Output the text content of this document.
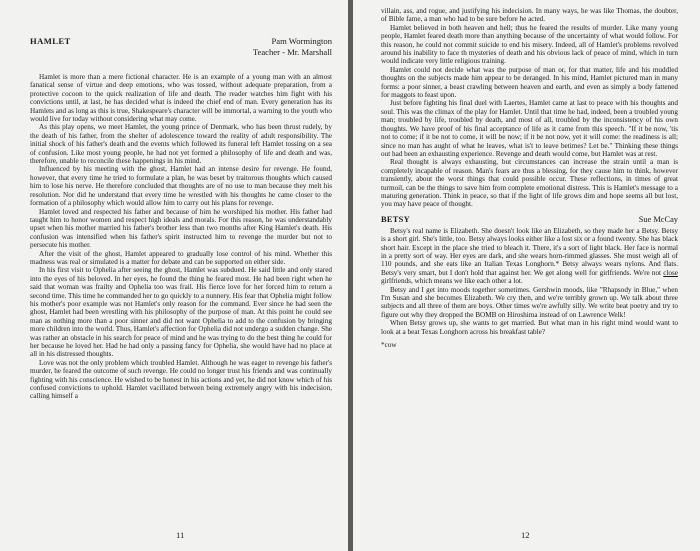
HAMLET	Pam Wormington
Teacher - Mr. Marshall

Hamlet is more than a mere fictional character. He is an example of a young man with an almost fanatical sense of virtue and deep emotions, who was tossed, without adequate preparation, from a protective cocoon to the quick realization of life and death. The reader watches him fight with his convictions until, at last, he has decided what is indeed the chief end of man. Every generation has its Hamlets and as long as this is true, Shakespeare's character will be immortal, a warning to the youth who would live for today without considering what may come.

As this play opens, we meet Hamlet, the young prince of Denmark, who has been thrust rudely, by the death of his father, from the shelter of adolescence toward the reality of adult responsibility. The initial shock of his father's death and the events which followed its funeral left Hamlet tossing on a sea of confusion. Like most young people, he had not yet formed a philosophy of life and death and was, therefore, unable to reconcile these happenings in his mind.

Influenced by his meeting with the ghost, Hamlet had an intense desire for revenge. He found, however, that every time he tried to formulate a plan, he was beset by traitorous thoughts which caused him to lose his nerve. He therefore concluded that thoughts are of no use to man because they melt his resolution. Nor did he understand that every time he wrestled with his thoughts he came closer to the formation of a philosophy which would allow him to carry out his plans for revenge.

Hamlet loved and respected his father and because of him he worshiped his mother. His father had taught him to honor women and respect high ideals and morals. For this reason, he was understandably upset when his mother married his father's brother less than two months after King Hamlet's death. His confusion was intensified when his father's spirit instructed him to revenge the murder but not to persecute his mother.

After the visit of the ghost, Hamlet appeared to gradually lose control of his mind. Whether this madness was real or simulated is a matter for debate and can be supported on either side.

In his first visit to Ophelia after seeing the ghost, Hamlet was subdued. He said little and only stared into the eyes of his beloved. In her eyes, he found the thing he feared most. He had been right when he said that woman was frailty and Ophelia too was frail. His fierce love for her forced him to return a second time. This time he commanded her to go quickly to a nunnery. His fear that Ophelia might follow his mother's poor example was not Hamlet's only reason for the command. Ever since he had seen the ghost, Hamlet had been wrestling with his philosophy of the purpose of man. At this point he could see man as nothing more than a poor sinner and did not want Ophelia to add to the confusion by bringing more children into the world. Thus, Hamlet's affection for Ophelia did not undergo a sudden change. She was rather an obstacle in his search for peace of mind and he was trying to do the best thing he could for her because he loved her. Had he had only a passing fancy for Ophelia, she would have had no place at all in his distressed thoughts.

Love was not the only problem which troubled Hamlet. Although he was eager to revenge his father's murder, he feared the outcome of such revenge. He could no longer trust his friends and was continually fighting with his conscience. He wished to be honest in his actions and yet, he did not know which of his confused convictions to uphold. Hamlet vacillated between being extremely angry with his indecision, calling himself a

11

villain, ass, and rogue, and justifying his indecision. In many ways, he was like Thomas, the doubter, of Bible fame, a man who had to be sure before he acted.

Hamlet believed in both heaven and hell; thus he feared the results of murder. Like many young people, Hamlet feared death more than anything because of the uncertainty of what would follow. For this reason, he could not commit suicide to end his misery. Indeed, all of Hamlet's problems revolved around his inability to face th mysteries of death and his obvious lack of peace of mind, which in turn would indicate very little religious training.

Hamlet could not decide what was the purpose of man or, for that matter, life and his muddled thoughts on the subjects made him appear to be deranged. In his mind, Hamlet pictured man in many forms: a poor sinner, a beast crawling between heaven and earth, and even as simply a body fattened for maggots to feast upon.

Just before fighting his final duel with Laertes, Hamlet came at last to peace with his thoughts and soul. This was the climax of the play for Hamlet. Until that time he had, indeed, been a troubled young man; troubled by life, troubled by death, and most of all, troubled by the inconsistency of his own thoughts. We have proof of his final acceptance of life as it came from this speech. "If it be now, 'tis not to come; if it be not to come, it will be now; if it be not now, yet it will come: the readiness is all; since no man has aught of what he leaves, what is't to leave betimes? Let be." Thinking these things out had been an exhausting experience. Revenge and death would come, but Hamlet was at rest.

Real thought is always exhausting, but circumstances can increase the strain until a man is completely incapable of reason. Man's fears are thus a blessing, for they cause him to think, however transiently, about the worst things that could possible occur. These reflections, in times of great turmoil, can be the things to save him from complete emotional distress. This is Hamlet's message to a maturing generation. Think in peace, so that if the light of life grows dim and hope seems all but lost, you may have peace of thought.

BETSY	Sue McCay

Betsy's real name is Elizabeth. She doesn't look like an Elizabeth, so they made her a Betsy. Betsy is a short girl. She's little, too. Betsy always looks either like a lost six or a found twenty. She has black short hair. Except in the place she tried to bleach it. There, it's a sort of light black. Her face is normal in a pretty sort of way. Her eyes are dark, and she wears horn-rimmed glasses. She must weigh all of 110 pounds, and she eats like an Italian Texas Longhorn.* Betsy always wears nylons. And flats. Betsy's very smart, but I don't hold that against her. We get along well for girlfriends. We're not close girlfriends, which means we like each other a lot.

Betsy and I get into moods together sometimes. Gershwin moods, like "Rhapsody in Blue," when I'm Susan and she becomes Elizabeth. We cry then, and we're terribly grown up. We talk about three subjects and all three of them are boys. Other times we're awfully silly. We write beat poetry and try to figure out why they dropped the BOMB on Hiroshima instead of on Lawrence Welk!

When Betsy grows up, she wants to get married. But what man in his right mind would want to look at a beat Texas Longhorn across his breakfast table?

*cow
12
